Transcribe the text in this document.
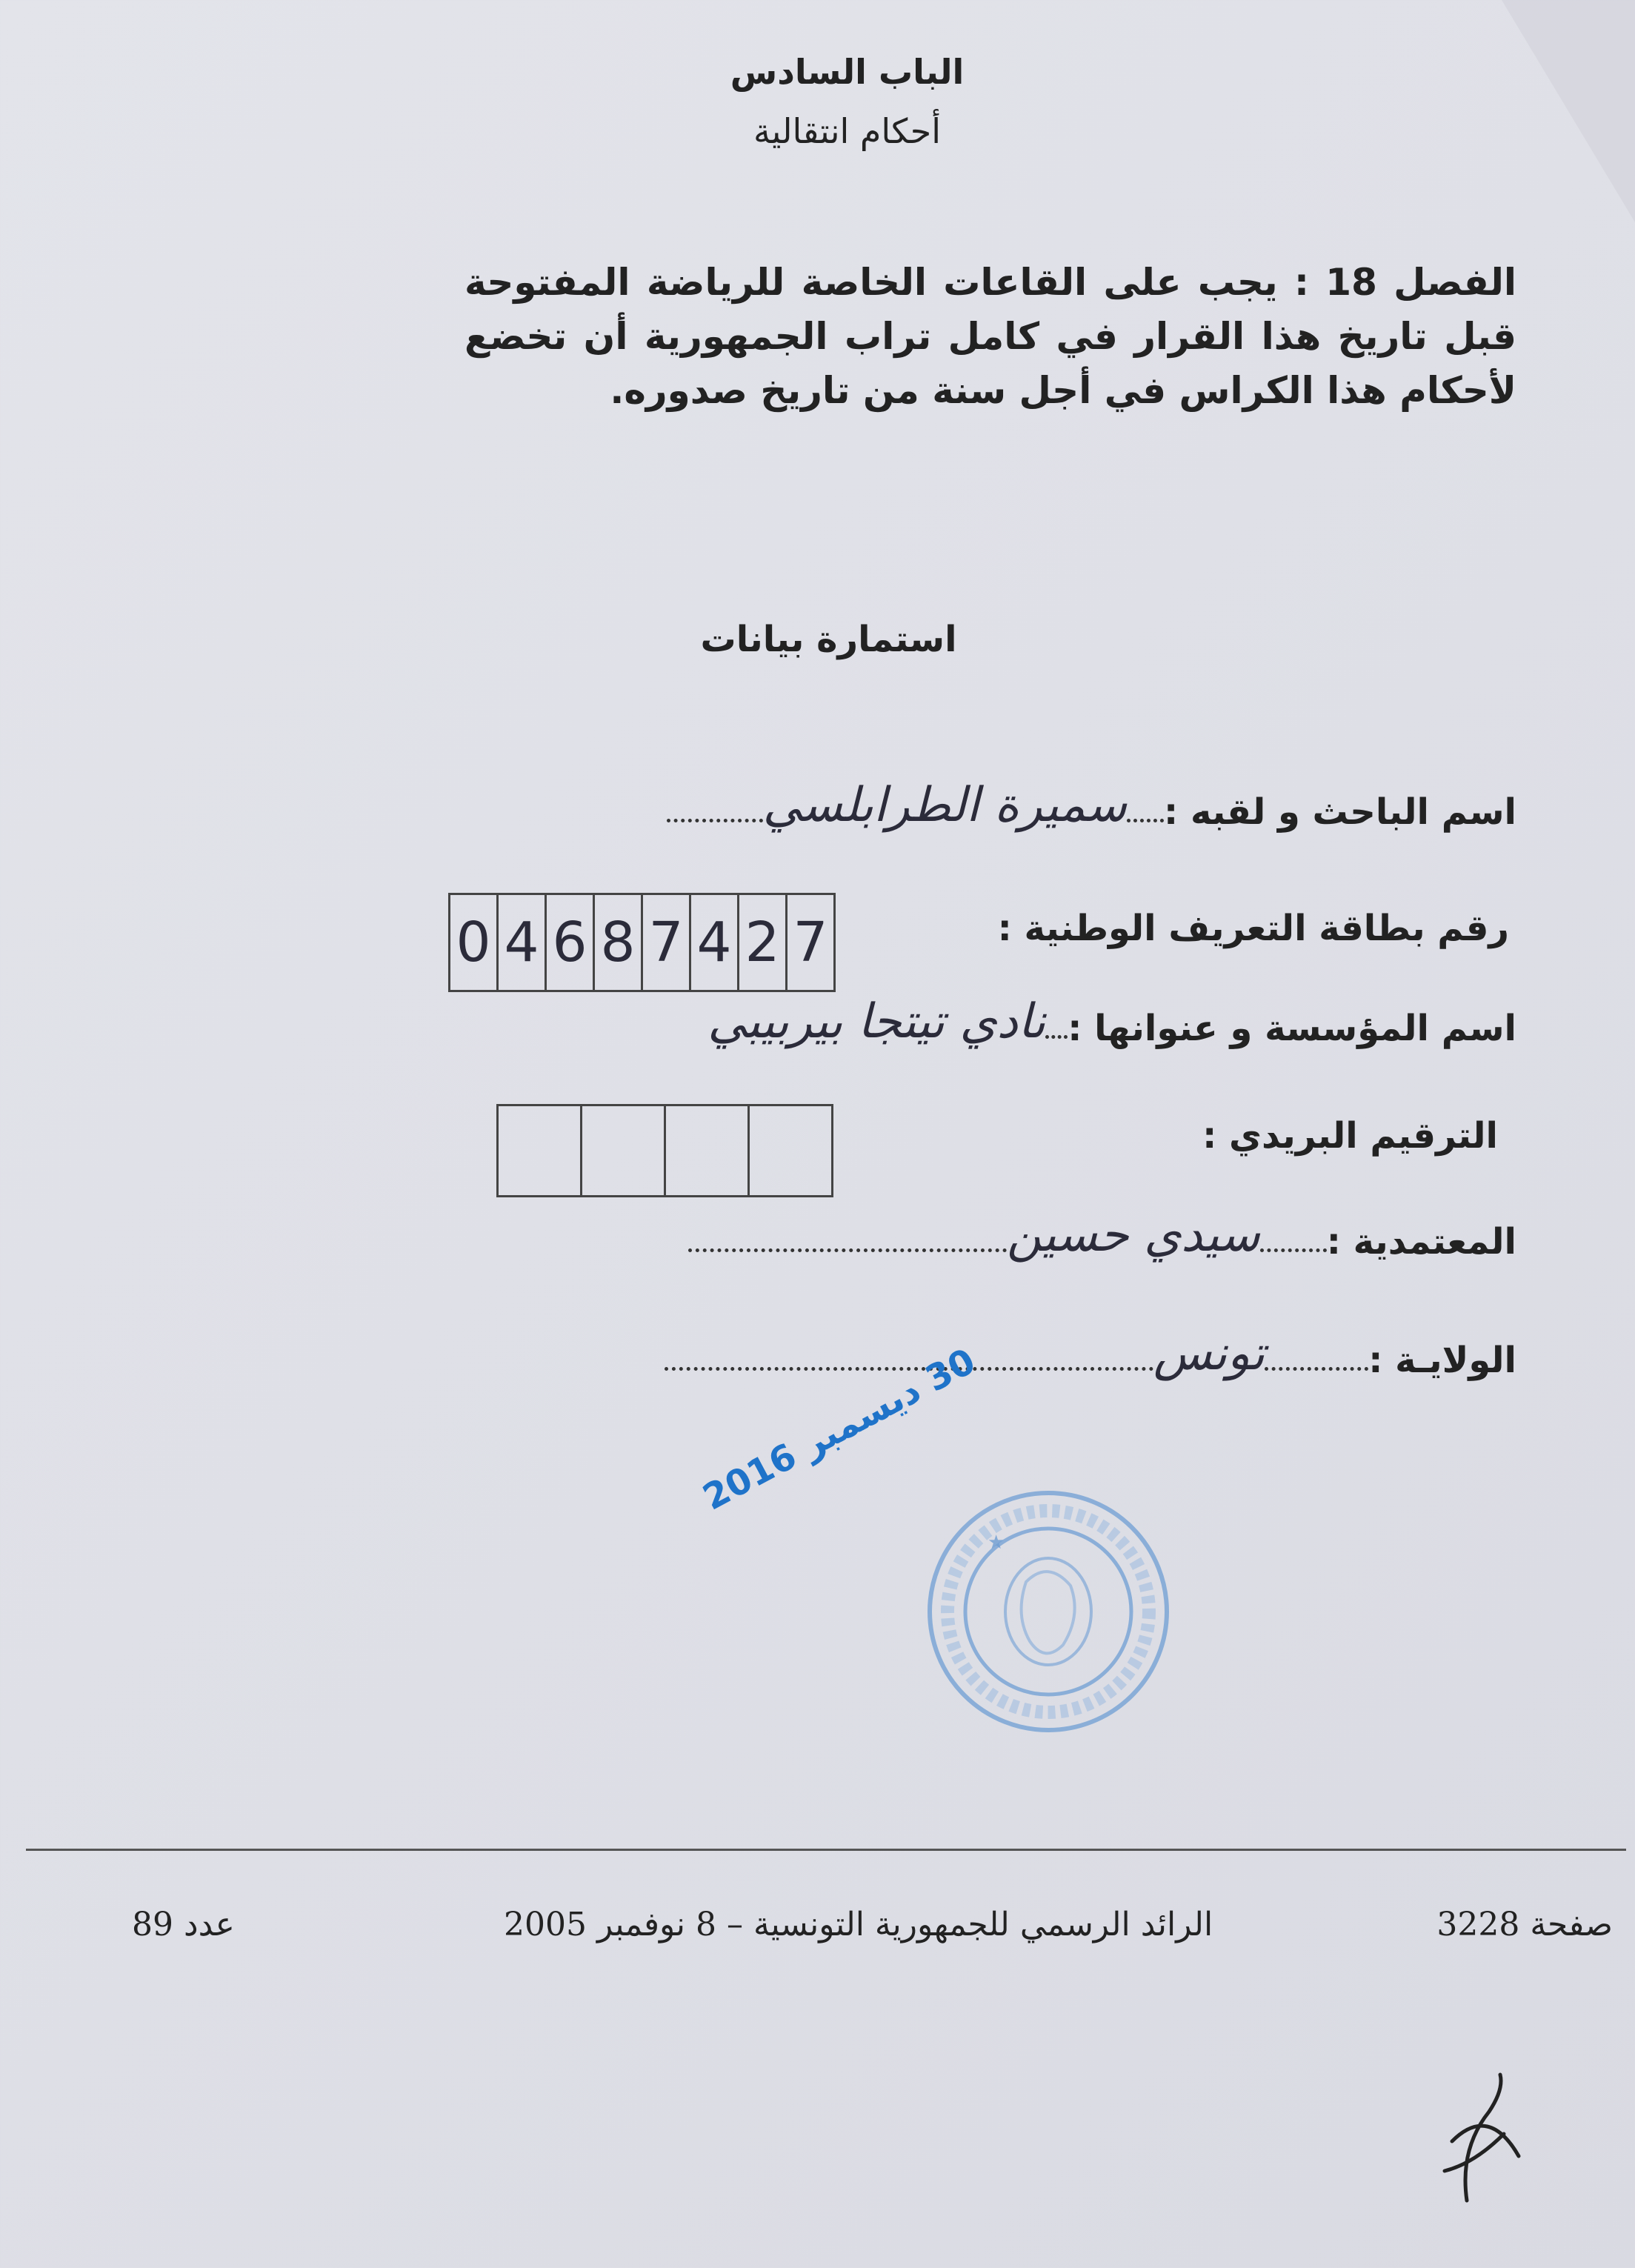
الباب السادس
أحكام انتقالية
الفصل 18 : يجب على القاعات الخاصة للرياضة المفتوحة قبل تاريخ هذا القرار في كامل تراب الجمهورية أن تخضع لأحكام هذا الكراس في أجل سنة من تاريخ صدوره.
استمارة بيانات
اسم الباحث و لقبه :
سميرة الطرابلسي
رقم بطاقة التعريف الوطنية :
0 4 6 8 7 4 2 7
اسم المؤسسة و عنوانها :
نادي تيتجا بيربيبي
الترقيم البريدي :
المعتمدية :
سيدي حسين
الولايـة :
تونس
30 ديسمبر 2016
★
صفحة 3228
الرائد الرسمي للجمهورية التونسية – 8 نوفمبر 2005
عدد 89
